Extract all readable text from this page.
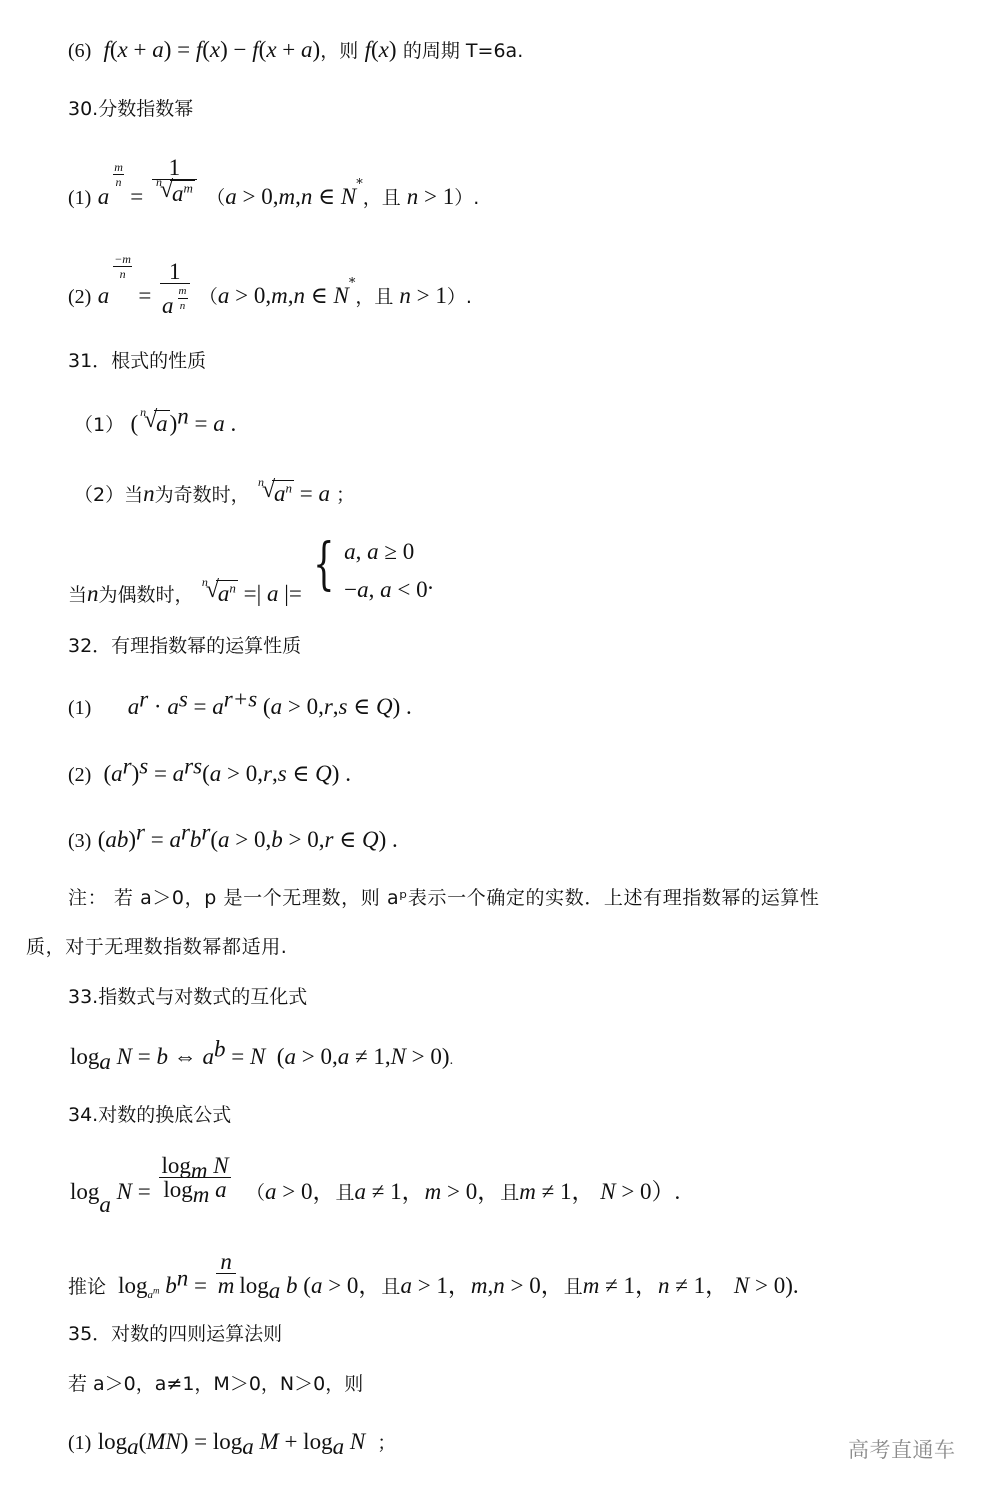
(6)  f(x + a) = f(x) − f(x + a)，则 f(x) 的周期 T=6a.
30.分数指数幂
(1) a
$\frac{m}{n}$
= 1
n
√
$a^m$ （a > 0,m,n ∈ N*，且 n > 1）.
(2) a
$\frac{-m}{n}$
= $\frac{1}{a \frac{m}{n}} (a > 0,m,n$ ∈ N*，且 n > 1）.
31．根式的性质
（1） ( n
√
a)$^n$ = a .
（2）当n为奇数时，
n
√
$a^n = a$ ；
当n为偶数时，
n
√
$a^n$ =| a |= { a, a ≥ 0
−a, a < 0 .
32．有理指数幂的运算性质
(1) $a^r \cdot a^s = a^{r+s}$ (a > 0,r,s ∈ Q) .
(2)  $(a^r)^s = a^{rs}(a > 0,r,s$ ∈ Q) .
(3) $(ab)^r = a^rb^r(a > 0,b > 0,r$ ∈ Q) .
注： 若 a＞0，p 是一个无理数，则 aᵖ表示一个确定的实数．上述有理指数幂的运算性
质，对于无理数指数幂都适用.
33.指数式与对数式的互化式
$\log_a N = b$ ⇔ $a^b = N$  (a > 0,a ≠ 1,N > 0).
34.对数的换底公式
$\log_a N = \frac{\log_m N}{\log_m a} (a > 0$，且a ≠ 1，m > 0，且m ≠ 1， N > 0）.
推论  $\log_{a^m} b^n = \frac{n}{m} \log_a b$ (a > 0，且a > 1，m,n > 0，且m ≠ 1，n ≠ 1， N > 0).
35．对数的四则运算法则
若 a＞0，a≠1，M＞0，N＞0，则
(1) $\log_a(MN) = \log_a M + \log_a N$  ；	高考直通车
